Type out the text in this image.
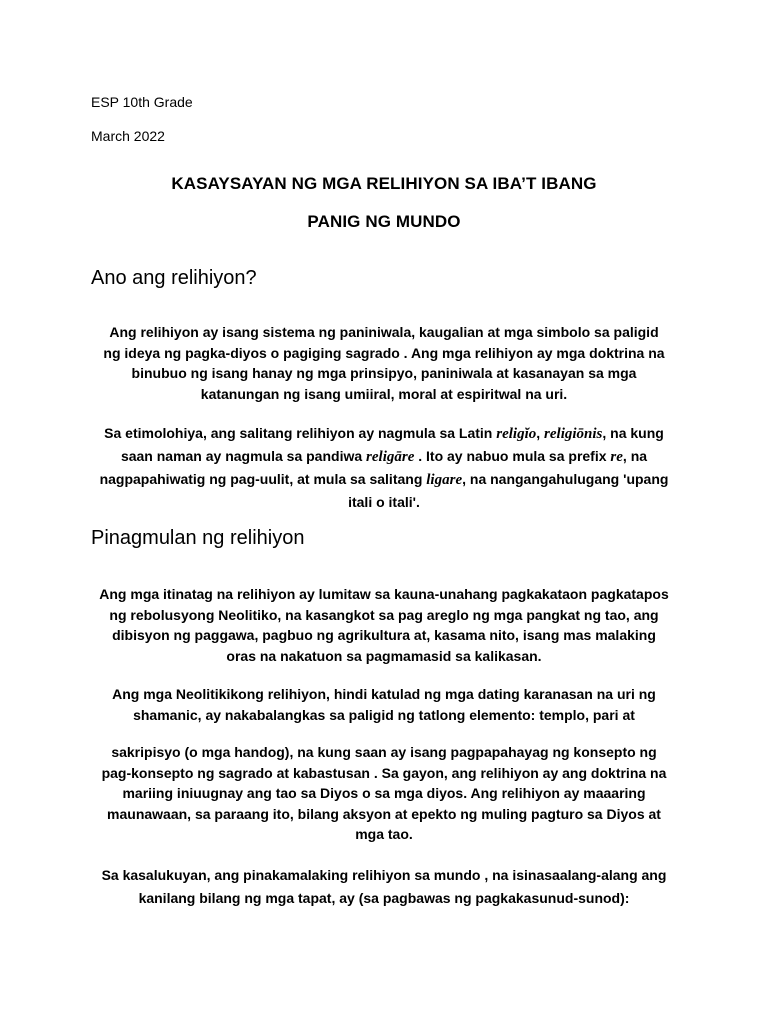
ESP 10th Grade
March 2022
KASAYSAYAN NG MGA RELIHIYON SA IBA’T IBANG
PANIG NG MUNDO
Ano ang relihiyon?
Ang relihiyon ay isang sistema ng paniniwala, kaugalian at mga simbolo sa paligid
ng ideya ng pagka-diyos o pagiging sagrado . Ang mga relihiyon ay mga doktrina na
binubuo ng isang hanay ng mga prinsipyo, paniniwala at kasanayan sa mga
katanungan ng isang umiiral, moral at espiritwal na uri.
Sa etimolohiya, ang salitang relihiyon ay nagmula sa Latin religĭo, religiōnis, na kung
saan naman ay nagmula sa pandiwa religāre . Ito ay nabuo mula sa prefix re, na
nagpapahiwatig ng pag-uulit, at mula sa salitang ligare, na nangangahulugang 'upang
itali o itali'.
Pinagmulan ng relihiyon
Ang mga itinatag na relihiyon ay lumitaw sa kauna-unahang pagkakataon pagkatapos
ng rebolusyong Neolitiko, na kasangkot sa pag areglo ng mga pangkat ng tao, ang
dibisyon ng paggawa, pagbuo ng agrikultura at, kasama nito, isang mas malaking
oras na nakatuon sa pagmamasid sa kalikasan.
Ang mga Neolitikikong relihiyon, hindi katulad ng mga dating karanasan na uri ng
shamanic, ay nakabalangkas sa paligid ng tatlong elemento: templo, pari at
sakripisyo (o mga handog), na kung saan ay isang pagpapahayag ng konsepto ng
pag-konsepto ng sagrado at kabastusan . Sa gayon, ang relihiyon ay ang doktrina na
mariing iniuugnay ang tao sa Diyos o sa mga diyos. Ang relihiyon ay maaaring
maunawaan, sa paraang ito, bilang aksyon at epekto ng muling pagturo sa Diyos at
mga tao.
Sa kasalukuyan, ang pinakamalaking relihiyon sa mundo , na isinasaalang-alang ang
kanilang bilang ng mga tapat, ay (sa pagbawas ng pagkakasunud-sunod):
